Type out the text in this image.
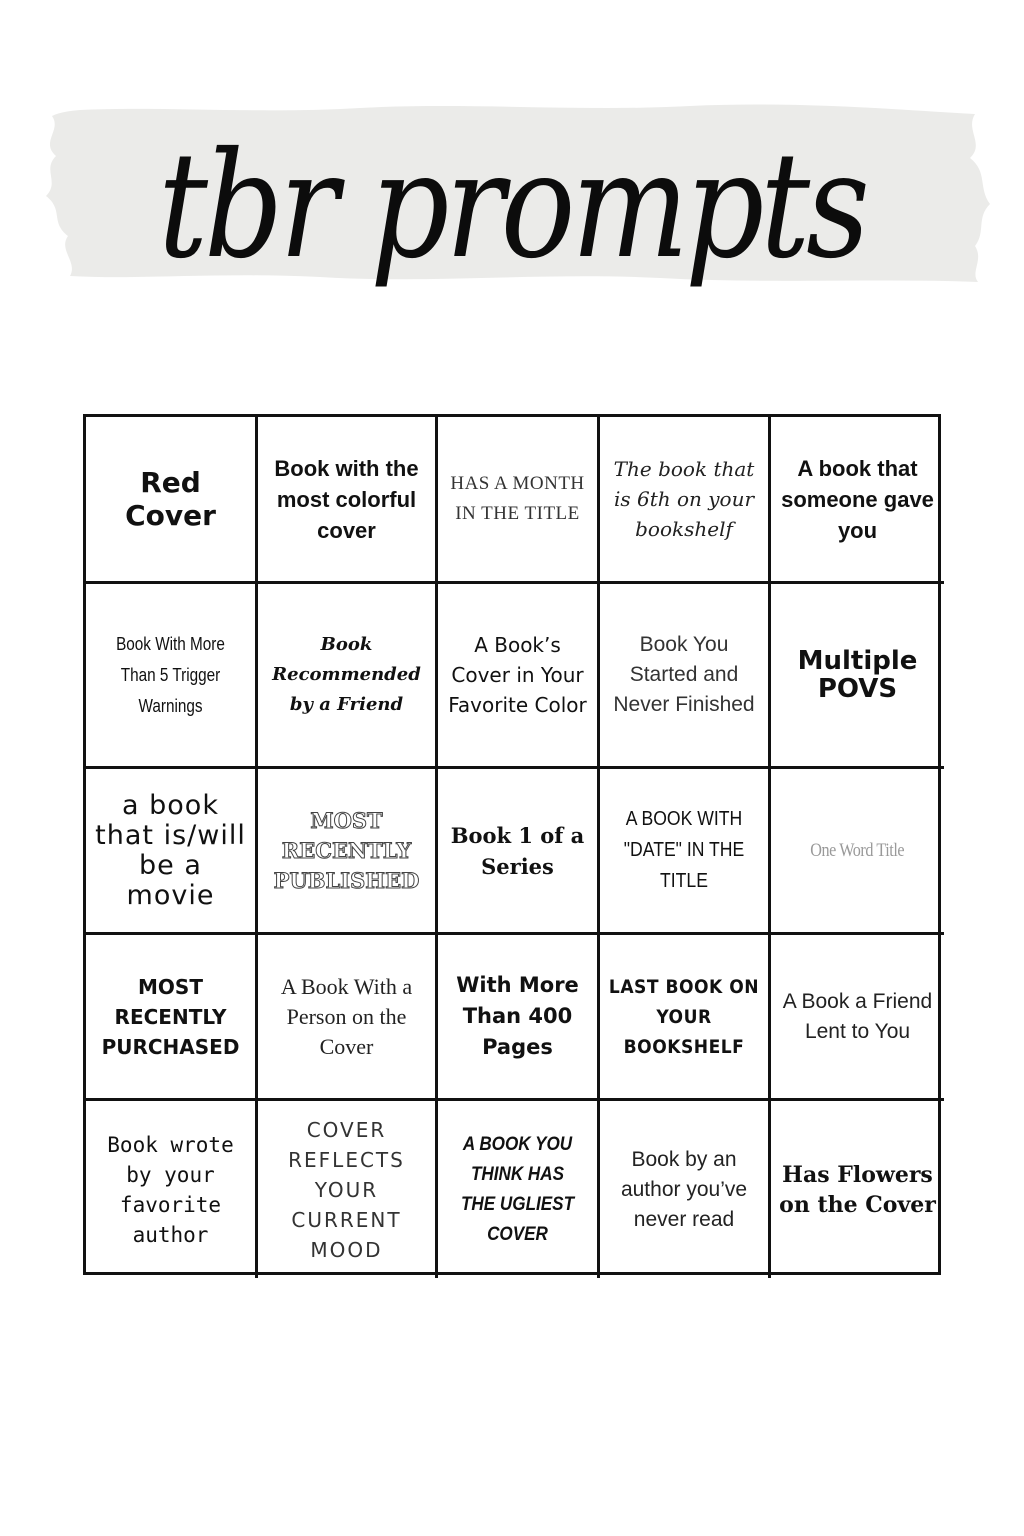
tbr prompts
Red Cover
Book with the most colorful cover
HAS A MONTH IN THE TITLE
The book that is 6th on your bookshelf
A book that someone gave you
Book With More Than 5 Trigger Warnings
Book Recommended by a Friend
A Book’s Cover in Your Favorite Color
Book You Started and Never Finished
Multiple POVS
a book that is/will be a movie
MOST RECENTLY PUBLISHED
Book 1 of a Series
A BOOK WITH "DATE" IN THE TITLE
One Word Title
MOST RECENTLY PURCHASED
A Book With a Person on the Cover
With More Than 400 Pages
LAST BOOK ON YOUR BOOKSHELF
A Book a Friend Lent to You
Book wrote by your favorite author
COVER REFLECTS YOUR CURRENT MOOD
A BOOK YOU THINK HAS THE UGLIEST COVER
Book by an author you’ve never read
Has Flowers on the Cover
